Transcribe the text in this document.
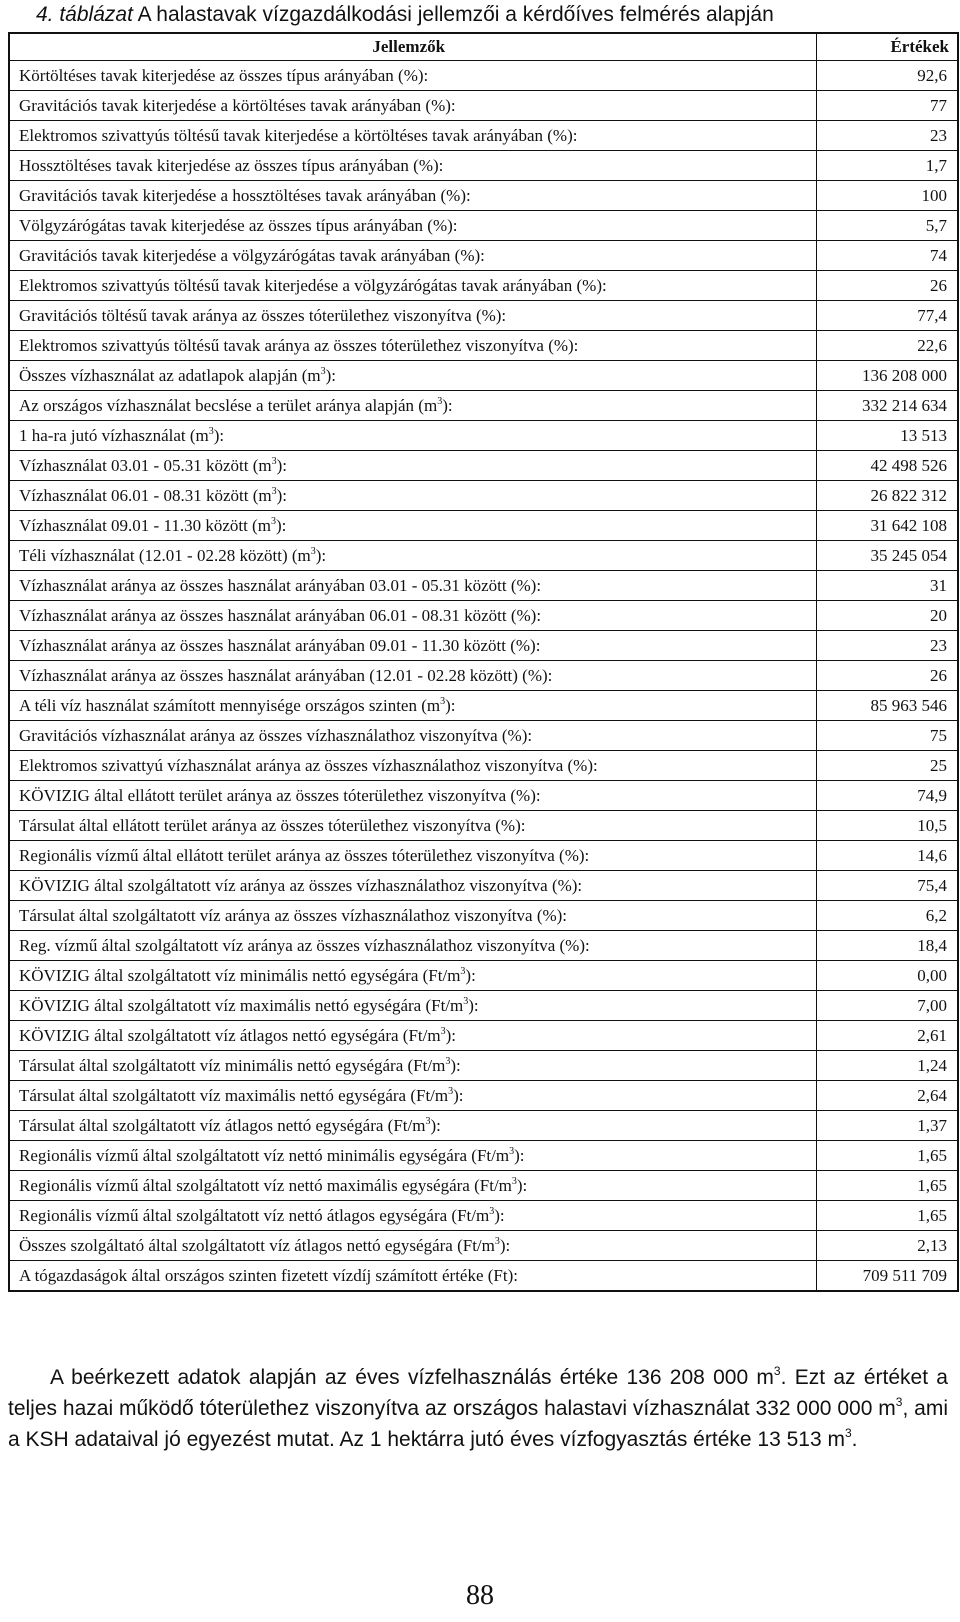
4. táblázat A halastavak vízgazdálkodási jellemzői a kérdőíves felmérés alapján
Jellemzők	Értékek
Körtöltéses tavak kiterjedése az összes típus arányában (%):	92,6
Gravitációs tavak kiterjedése a körtöltéses tavak arányában (%):	77
Elektromos szivattyús töltésű tavak kiterjedése a körtöltéses tavak arányában (%):	23
Hossztöltéses tavak kiterjedése az összes típus arányában (%):	1,7
Gravitációs tavak kiterjedése a hossztöltéses tavak arányában (%):	100
Völgyzárógátas tavak kiterjedése az összes típus arányában (%):	5,7
Gravitációs tavak kiterjedése a völgyzárógátas tavak arányában (%):	74
Elektromos szivattyús töltésű tavak kiterjedése a völgyzárógátas tavak arányában (%):	26
Gravitációs töltésű tavak aránya az összes tóterülethez viszonyítva (%):	77,4
Elektromos szivattyús töltésű tavak aránya az összes tóterülethez viszonyítva (%):	22,6
Összes vízhasználat az adatlapok alapján $(m^3)$:	136 208 000
Az országos vízhasználat becslése a terület aránya alapján $(m^3)$:	332 214 634
1 ha-ra jutó vízhasználat $(m^3)$:	13 513
Vízhasználat 03.01 - 05.31 között $(m^3)$:	42 498 526
Vízhasználat 06.01 - 08.31 között $(m^3)$:	26 822 312
Vízhasználat 09.01 - 11.30 között $(m^3)$:	31 642 108
Téli vízhasználat (12.01 - 02.28 között) $(m^3)$:	35 245 054
Vízhasználat aránya az összes használat arányában 03.01 - 05.31 között (%):	31
Vízhasználat aránya az összes használat arányában 06.01 - 08.31 között (%):	20
Vízhasználat aránya az összes használat arányában 09.01 - 11.30 között (%):	23
Vízhasználat aránya az összes használat arányában (12.01 - 02.28 között) (%):	26
A téli víz használat számított mennyisége országos szinten $(m^3)$:	85 963 546
Gravitációs vízhasználat aránya az összes vízhasználathoz viszonyítva (%):	75
Elektromos szivattyú vízhasználat aránya az összes vízhasználathoz viszonyítva (%):	25
KÖVIZIG által ellátott terület aránya az összes tóterülethez viszonyítva (%):	74,9
Társulat által ellátott terület aránya az összes tóterülethez viszonyítva (%):	10,5
Regionális vízmű által ellátott terület aránya az összes tóterülethez viszonyítva (%):	14,6
KÖVIZIG által szolgáltatott víz aránya az összes vízhasználathoz viszonyítva (%):	75,4
Társulat által szolgáltatott víz aránya az összes vízhasználathoz viszonyítva (%):	6,2
Reg. vízmű által szolgáltatott víz aránya az összes vízhasználathoz viszonyítva (%):	18,4
KÖVIZIG által szolgáltatott víz minimális nettó egységára $(Ft/m^3)$:	0,00
KÖVIZIG által szolgáltatott víz maximális nettó egységára $(Ft/m^3)$:	7,00
KÖVIZIG által szolgáltatott víz átlagos nettó egységára $(Ft/m^3)$:	2,61
Társulat által szolgáltatott víz minimális nettó egységára $(Ft/m^3)$:	1,24
Társulat által szolgáltatott víz maximális nettó egységára $(Ft/m^3)$:	2,64
Társulat által szolgáltatott víz átlagos nettó egységára $(Ft/m^3)$:	1,37
Regionális vízmű által szolgáltatott víz nettó minimális egységára $(Ft/m^3)$:	1,65
Regionális vízmű által szolgáltatott víz nettó maximális egységára $(Ft/m^3)$:	1,65
Regionális vízmű által szolgáltatott víz nettó átlagos egységára $(Ft/m^3)$:	1,65
Összes szolgáltató által szolgáltatott víz átlagos nettó egységára $(Ft/m^3)$:	2,13
A tógazdaságok által országos szinten fizetett vízdíj számított értéke (Ft):	709 511 709
A beérkezett adatok alapján az éves vízfelhasználás értéke 136 208 000 $m^3$. Ezt az értéket a teljes hazai működő tóterülethez viszonyítva az országos halastavi vízhasználat 332 000 000 $m^3$, ami a KSH adataival jó egyezést mutat. Az 1 hektárra jutó éves vízfogyasztás értéke 13 513 $m^3$.
88
